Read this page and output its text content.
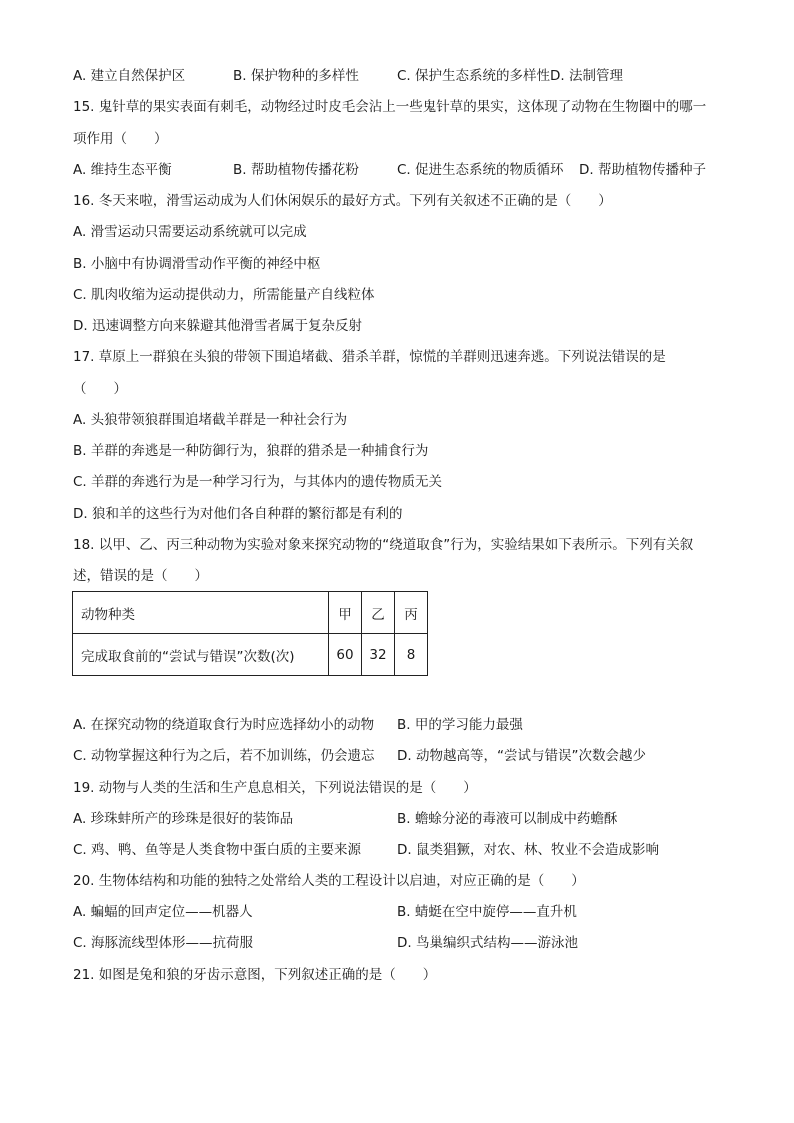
A. 建立自然保护区	B. 保护物种的多样性	C. 保护生态系统的多样性D. 法制管理
15. 鬼针草的果实表面有刺毛，动物经过时皮毛会沾上一些鬼针草的果实，这体现了动物在生物圈中的哪一
项作用（　　）
A. 维持生态平衡	B. 帮助植物传播花粉	C. 促进生态系统的物质循环 D. 帮助植物传播种子
16. 冬天来啦，滑雪运动成为人们休闲娱乐的最好方式。下列有关叙述不正确的是（　　）
A. 滑雪运动只需要运动系统就可以完成
B. 小脑中有协调滑雪动作平衡的神经中枢
C. 肌肉收缩为运动提供动力，所需能量产自线粒体
D. 迅速调整方向来躲避其他滑雪者属于复杂反射
17. 草原上一群狼在头狼的带领下围追堵截、猎杀羊群，惊慌的羊群则迅速奔逃。下列说法错误的是
（　　）
A. 头狼带领狼群围追堵截羊群是一种社会行为
B. 羊群的奔逃是一种防御行为，狼群的猎杀是一种捕食行为
C. 羊群的奔逃行为是一种学习行为，与其体内的遗传物质无关
D. 狼和羊的这些行为对他们各自种群的繁衍都是有利的
18. 以甲、乙、丙三种动物为实验对象来探究动物的“绕道取食”行为，实验结果如下表所示。下列有关叙
述，错误的是（　　）
动物种类	甲	乙	丙
完成取食前的“尝试与错误”次数(次)	60	32	8
A. 在探究动物的绕道取食行为时应选择幼小的动物 B. 甲的学习能力最强
C. 动物掌握这种行为之后，若不加训练，仍会遗忘 D. 动物越高等，“尝试与错误”次数会越少
19. 动物与人类的生活和生产息息相关，下列说法错误的是（　　）
A. 珍珠蚌所产的珍珠是很好的装饰品	B. 蟾蜍分泌的毒液可以制成中药蟾酥
C. 鸡、鸭、鱼等是人类食物中蛋白质的主要来源	D. 鼠类猖獗，对农、林、牧业不会造成影响
20. 生物体结构和功能的独特之处常给人类的工程设计以启迪，对应正确的是（　　）
A. 蝙蝠的回声定位——机器人	B. 蜻蜓在空中旋停——直升机
C. 海豚流线型体形——抗荷服	D. 鸟巢编织式结构——游泳池
21. 如图是兔和狼的牙齿示意图，下列叙述正确的是（　　）
